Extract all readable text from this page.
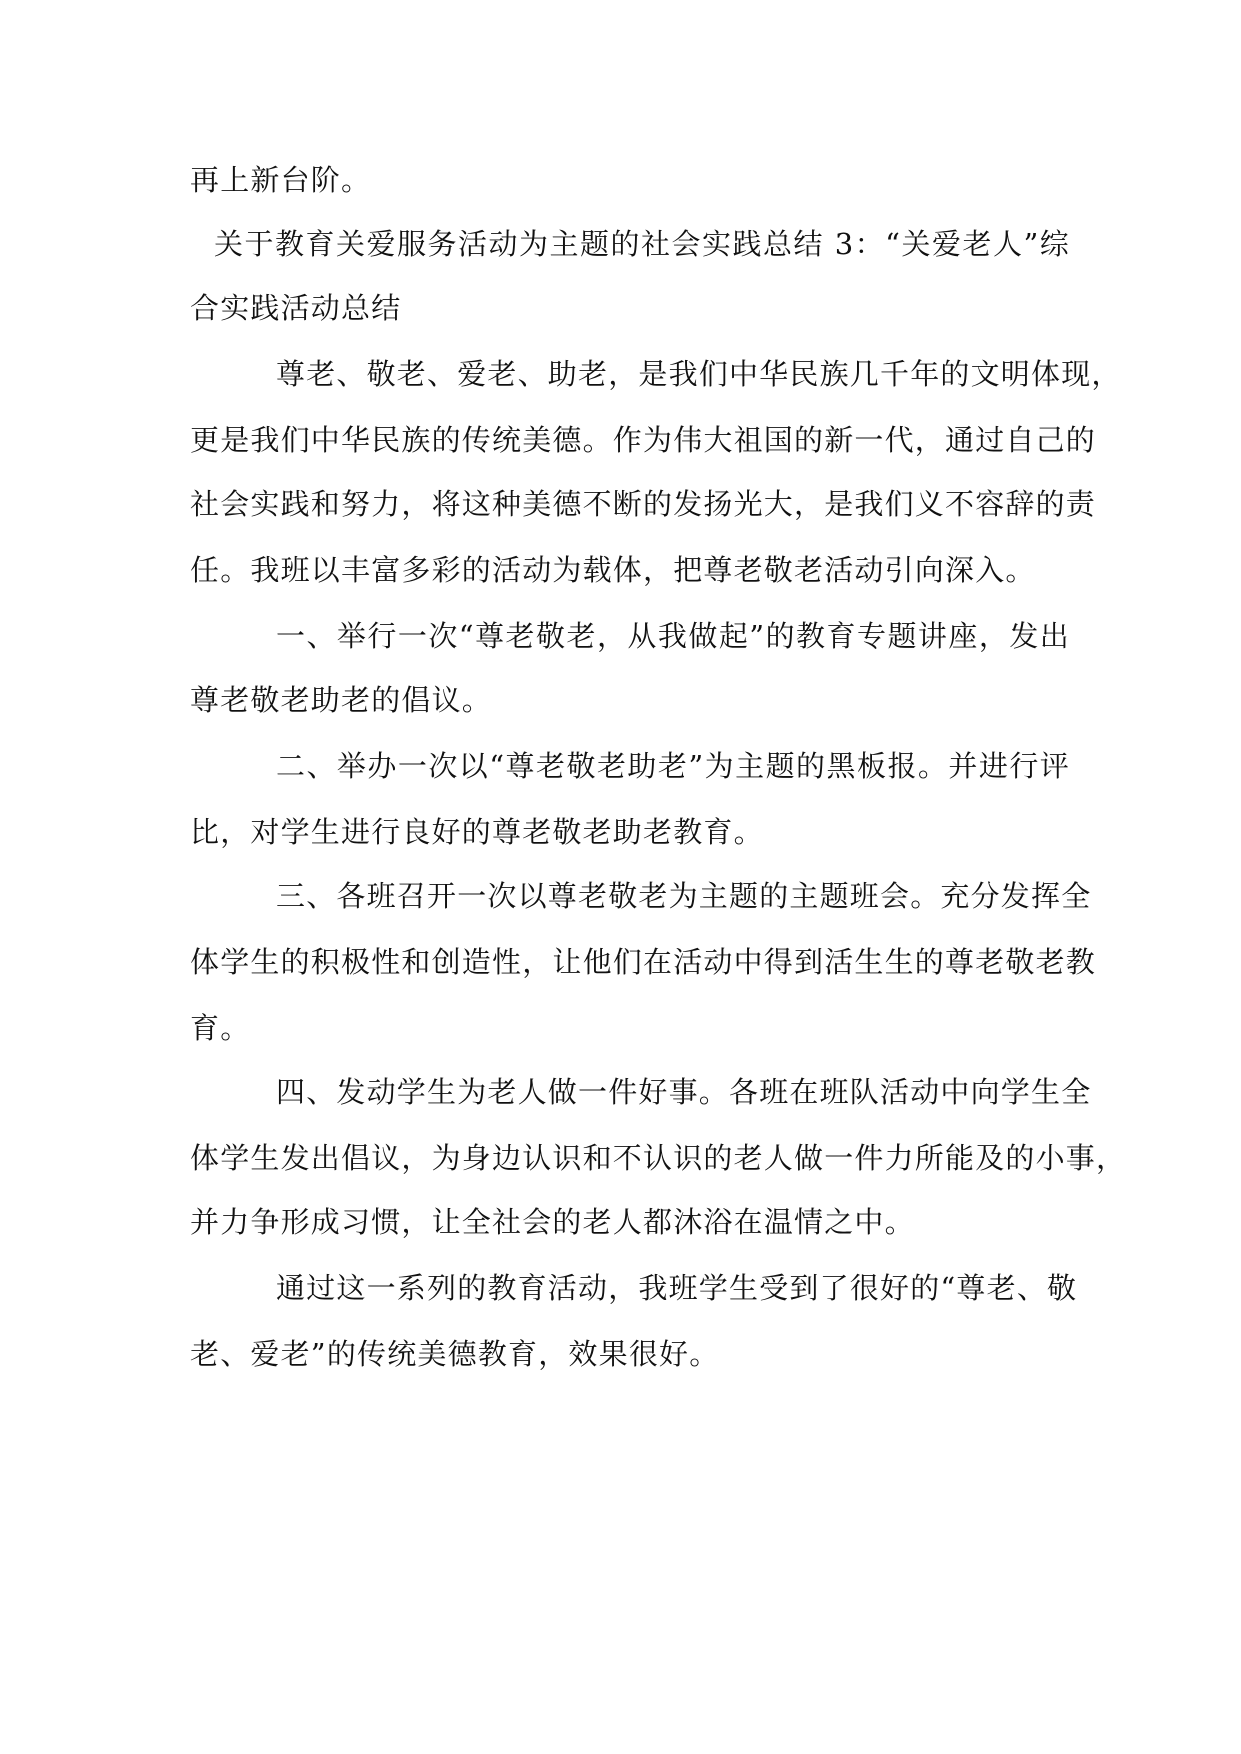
再上新台阶。
关于教育关爱服务活动为主题的社会实践总结 3：“关爱老人”综
合实践活动总结
尊老、敬老、爱老、助老，是我们中华民族几千年的文明体现，
更是我们中华民族的传统美德。作为伟大祖国的新一代，通过自己的
社会实践和努力，将这种美德不断的发扬光大，是我们义不容辞的责
任。我班以丰富多彩的活动为载体，把尊老敬老活动引向深入。
一、举行一次“尊老敬老，从我做起”的教育专题讲座，发出
尊老敬老助老的倡议。
二、举办一次以“尊老敬老助老”为主题的黑板报。并进行评
比，对学生进行良好的尊老敬老助老教育。
三、各班召开一次以尊老敬老为主题的主题班会。充分发挥全
体学生的积极性和创造性，让他们在活动中得到活生生的尊老敬老教
育。
四、发动学生为老人做一件好事。各班在班队活动中向学生全
体学生发出倡议，为身边认识和不认识的老人做一件力所能及的小事，
并力争形成习惯，让全社会的老人都沐浴在温情之中。
通过这一系列的教育活动，我班学生受到了很好的“尊老、敬
老、爱老”的传统美德教育，效果很好。
